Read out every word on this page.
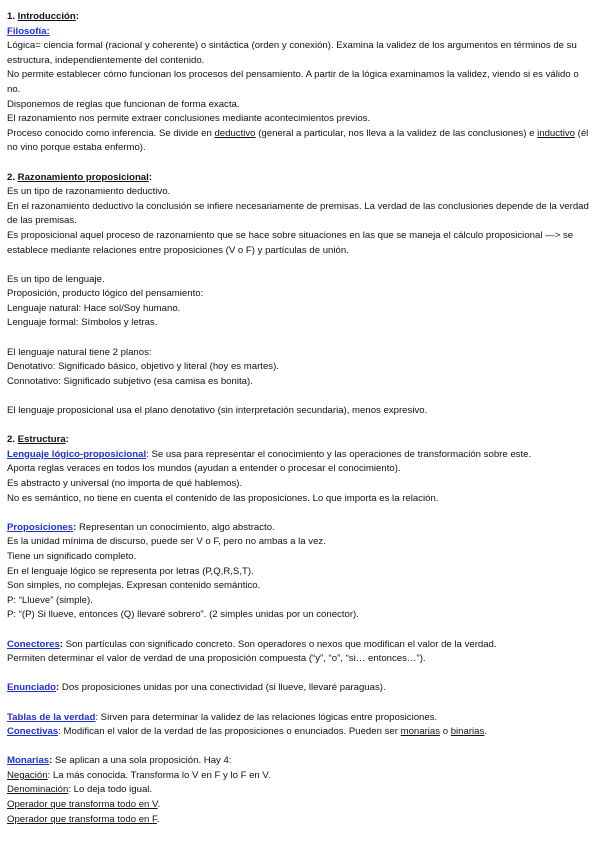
1. Introducción:

Filosofía:

Lógica= ciencia formal (racional y coherente) o sintáctica (orden y conexión). Examina la validez de los argumentos en términos de su estructura, independientemente del contenido.

No permite establecer cómo funcionan los procesos del pensamiento. A partir de la lógica examinamos la validez, viendo si es válido o no.

Disponemos de reglas que funcionan de forma exacta.

El razonamiento nos permite extraer conclusiones mediante acontecimientos previos.

Proceso conocido como inferencia. Se divide en deductivo (general a particular, nos lleva a la validez de las conclusiones) e inductivo (él no vino porque estaba enfermo).

2. Razonamiento proposicional:

Es un tipo de razonamiento deductivo.

En el razonamiento deductivo la conclusión se infiere necesariamente de premisas. La verdad de las conclusiones depende de la verdad de las premisas.

Es proposicional aquel proceso de razonamiento que se hace sobre situaciones en las que se maneja el cálculo proposicional —> se establece mediante relaciones entre proposiciones (V o F) y partículas de unión.

Es un tipo de lenguaje.

Proposición, producto lógico del pensamiento:

Lenguaje natural: Hace sol/Soy humano.

Lenguaje formal: Símbolos y letras.

El lenguaje natural tiene 2 planos:

Denotativo: Significado básico, objetivo y literal (hoy es martes).

Connotativo: Significado subjetivo (esa camisa es bonita).

El lenguaje proposicional usa el plano denotativo (sin interpretación secundaria), menos expresivo.

2. Estructura:

Lenguaje lógico-proposicional: Se usa para representar el conocimiento y las operaciones de transformación sobre este.

Aporta reglas veraces en todos los mundos (ayudan a entender o procesar el conocimiento).

Es abstracto y universal (no importa de qué hablemos).

No es semántico, no tiene en cuenta el contenido de las proposiciones. Lo que importa es la relación.

Proposiciones: Representan un conocimiento, algo abstracto.

Es la unidad mínima de discurso, puede ser V o F, pero no ambas a la vez.

Tiene un significado completo.

En el lenguaje lógico se representa por letras (P,Q,R,S,T).

Son simples, no complejas. Expresan contenido semántico.

P: “Llueve” (simple).

P: “(P) Si llueve, entonces (Q) llevaré sobrero”. (2 simples unidas por un conector).

Conectores: Son partículas con significado concreto. Son operadores o nexos que modifican el valor de la verdad.

Permiten determinar el valor de verdad de una proposición compuesta (“y”, “o”, “si… entonces…”).

Enunciado: Dos proposiciones unidas por una conectividad (si llueve, llevaré paraguas).

Tablas de la verdad: Sirven para determinar la validez de las relaciones lógicas entre proposiciones.

Conectivas: Modifican el valor de la verdad de las proposiciones o enunciados. Pueden ser monarias o binarias.

Monarias: Se aplican a una sola proposición. Hay 4:

Negación: La más conocida. Transforma lo V en F y lo F en V.

Denominación: Lo deja todo igual.

Operador que transforma todo en V.

Operador que transforma todo en F.
